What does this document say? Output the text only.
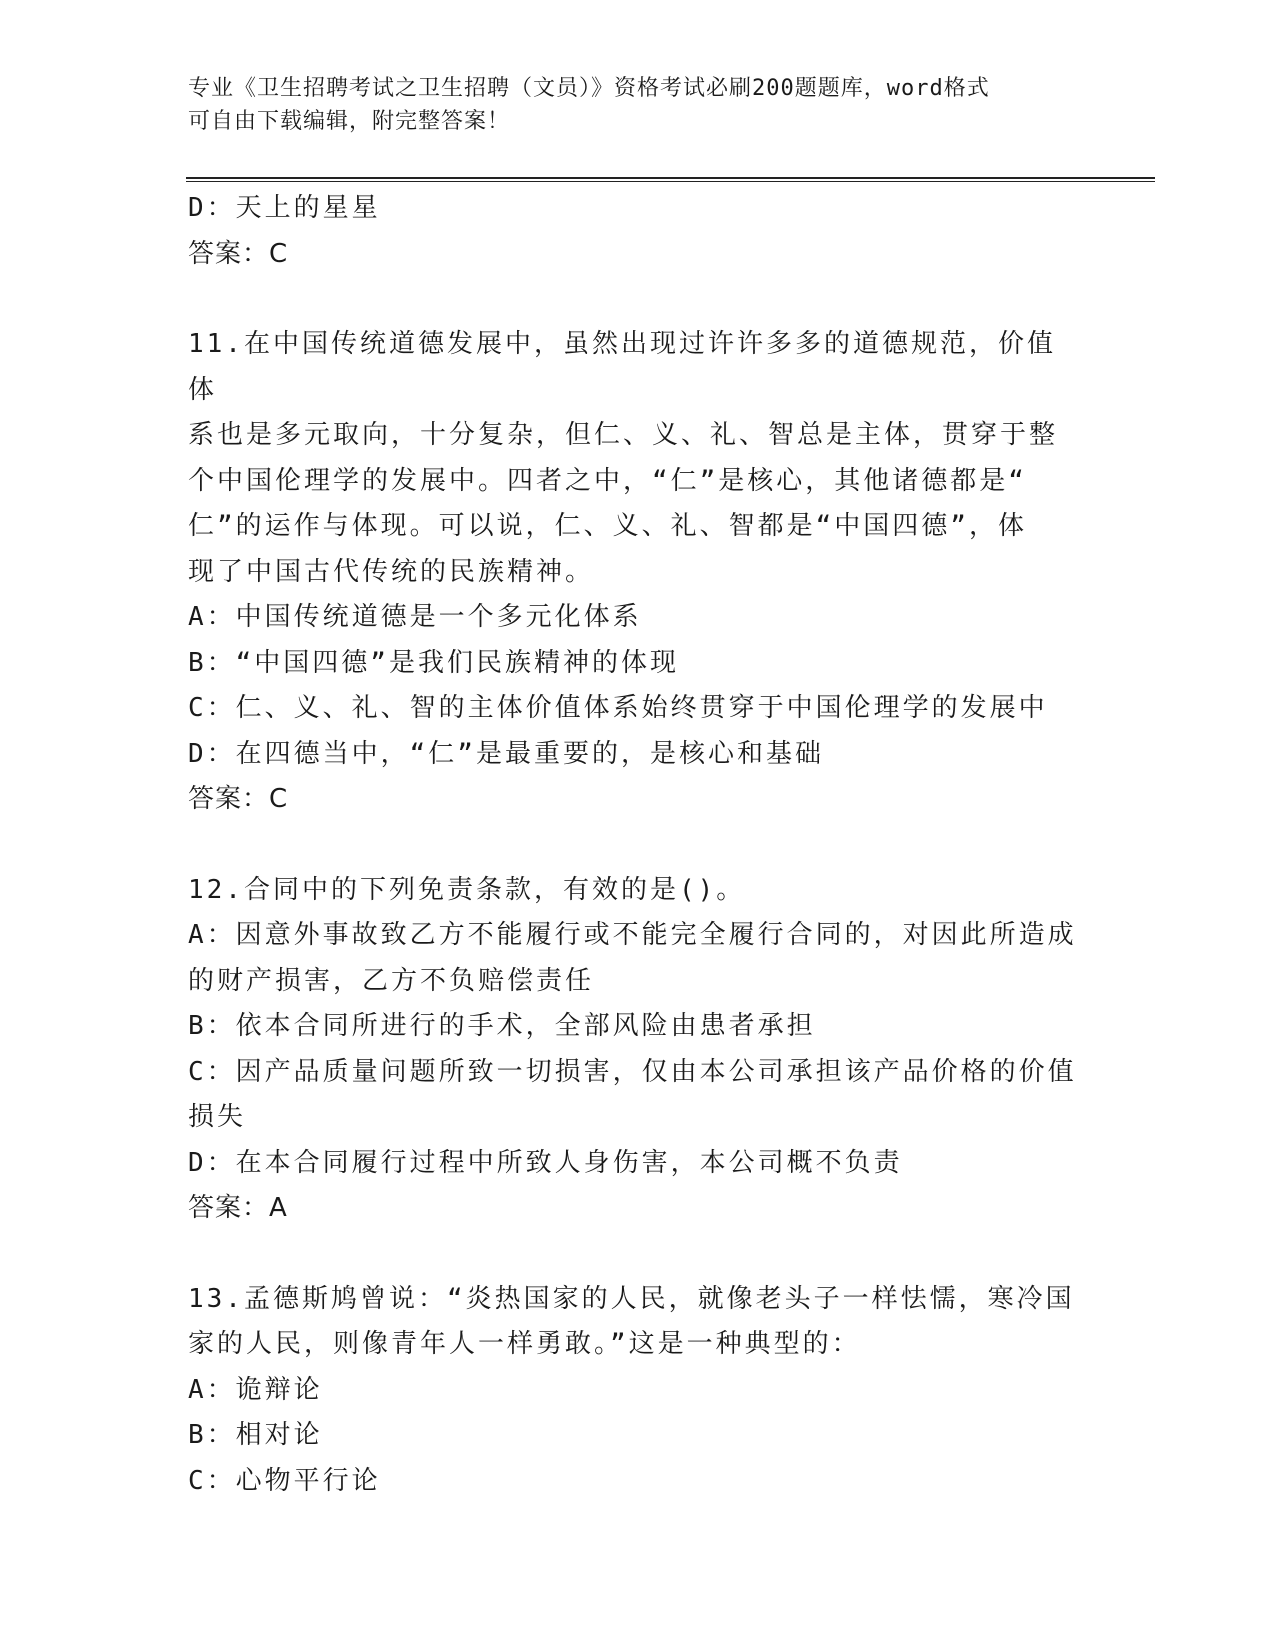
专业《卫生招聘考试之卫生招聘（文员）》资格考试必刷200题题库，word格式
可自由下载编辑，附完整答案！

D：天上的星星

答案：C

11.在中国传统道德发展中，虽然出现过许许多多的道德规范，价值体

系也是多元取向，十分复杂，但仁、义、礼、智总是主体，贯穿于整

个中国伦理学的发展中。四者之中，“仁”是核心，其他诸德都是“

仁”的运作与体现。可以说，仁、义、礼、智都是“中国四德”，体

现了中国古代传统的民族精神。

A：中国传统道德是一个多元化体系

B：“中国四德”是我们民族精神的体现

C：仁、义、礼、智的主体价值体系始终贯穿于中国伦理学的发展中

D：在四德当中，“仁”是最重要的，是核心和基础

答案：C

12.合同中的下列免责条款，有效的是()。

A：因意外事故致乙方不能履行或不能完全履行合同的，对因此所造成

的财产损害，乙方不负赔偿责任

B：依本合同所进行的手术，全部风险由患者承担

C：因产品质量问题所致一切损害，仅由本公司承担该产品价格的价值

损失

D：在本合同履行过程中所致人身伤害，本公司概不负责

答案：A

13.孟德斯鸠曾说：“炎热国家的人民，就像老头子一样怯懦，寒冷国

家的人民，则像青年人一样勇敢。”这是一种典型的：

A：诡辩论

B：相对论

C：心物平行论
